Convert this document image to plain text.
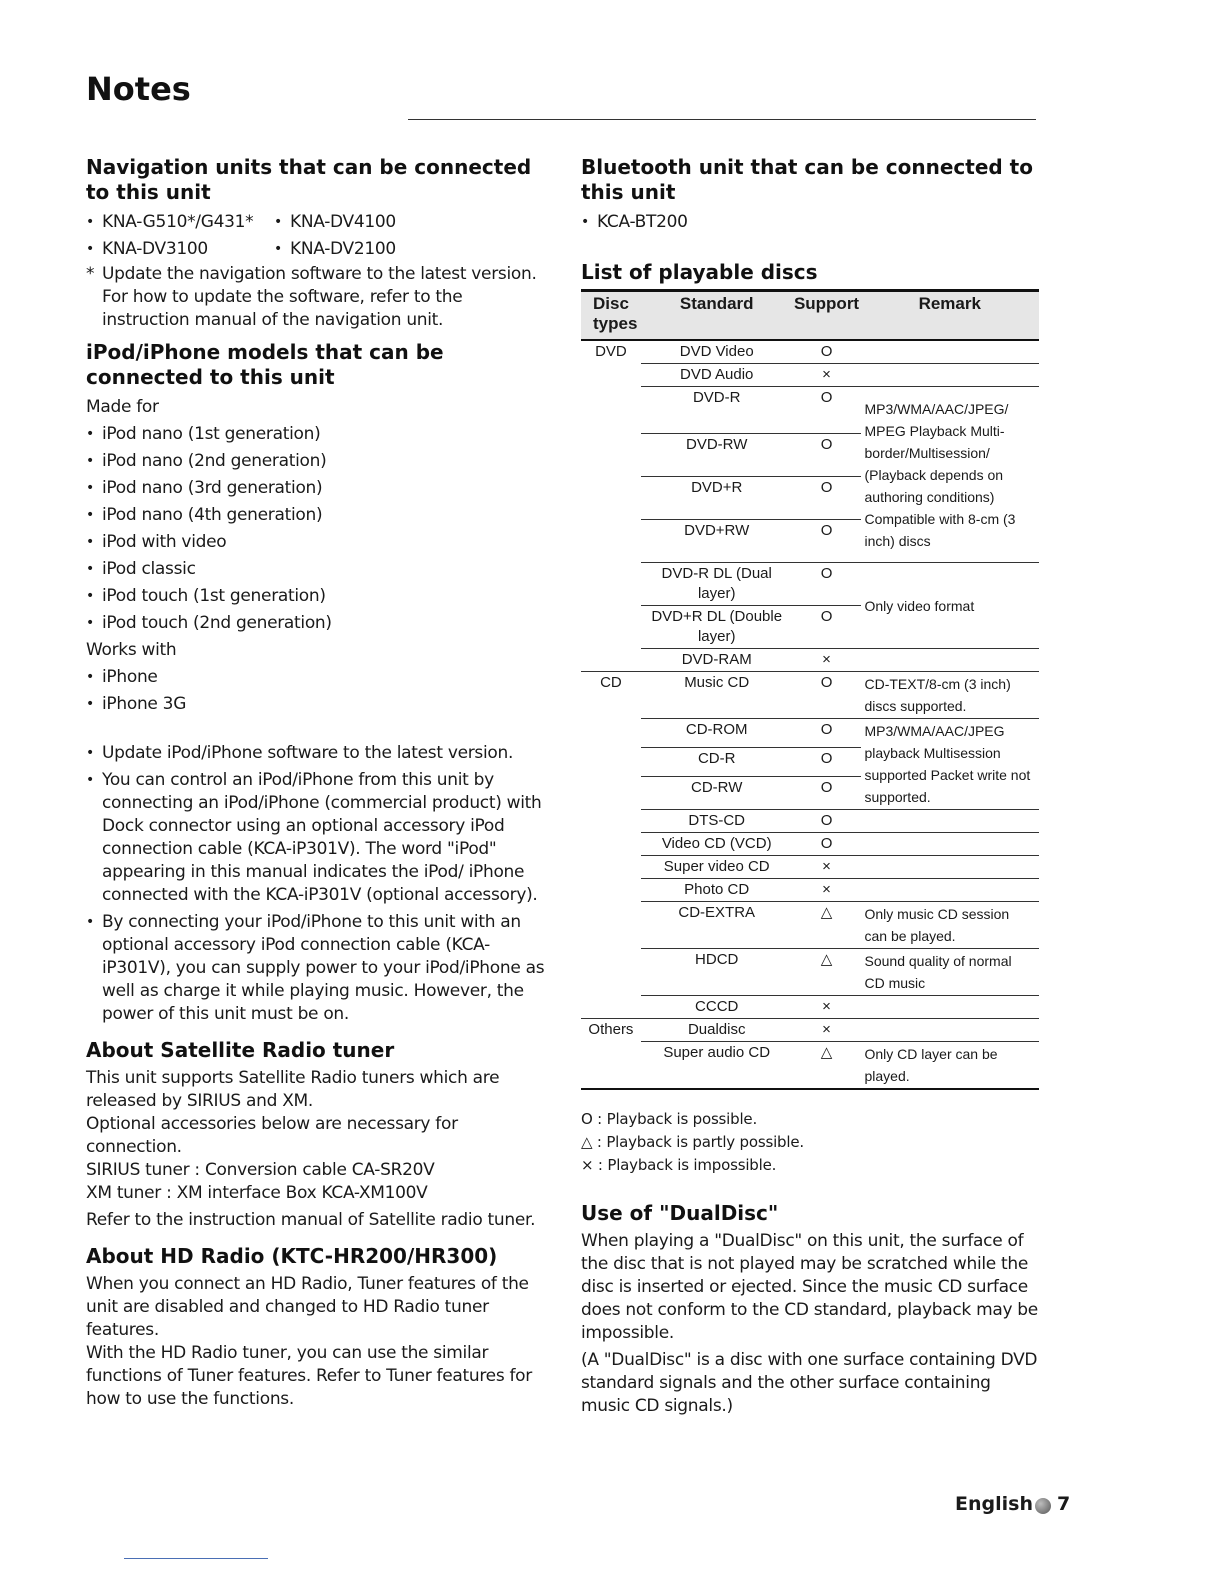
Notes
Navigation units that can be connected to this unit
• KNA-G510*/G431*	• KNA-DV4100
• KNA-DV3100	• KNA-DV2100
* Update the navigation software to the latest version. For how to update the software, refer to the instruction manual of the navigation unit.
iPod/iPhone models that can be connected to this unit

Made for

• iPod nano (1st generation)
• iPod nano (2nd generation)
• iPod nano (3rd generation)
• iPod nano (4th generation)
• iPod with video
• iPod classic
• iPod touch (1st generation)
• iPod touch (2nd generation)

Works with

• iPhone
• iPhone 3G
• Update iPod/iPhone software to the latest version.
• You can control an iPod/iPhone from this unit by connecting an iPod/iPhone (commercial product) with Dock connector using an optional accessory iPod connection cable (KCA-iP301V). The word "iPod" appearing in this manual indicates the iPod/ iPhone connected with the KCA-iP301V (optional accessory).
• By connecting your iPod/iPhone to this unit with an optional accessory iPod connection cable (KCA-iP301V), you can supply power to your iPod/iPhone as well as charge it while playing music. However, the power of this unit must be on.
About Satellite Radio tuner

This unit supports Satellite Radio tuners which are released by SIRIUS and XM.

Optional accessories below are necessary for connection.

SIRIUS tuner : Conversion cable CA-SR20V

XM tuner : XM interface Box KCA-XM100V

Refer to the instruction manual of Satellite radio tuner.

About HD Radio (KTC-HR200/HR300)

When you connect an HD Radio, Tuner features of the unit are disabled and changed to HD Radio tuner features.

With the HD Radio tuner, you can use the similar functions of Tuner features. Refer to Tuner features for how to use the functions.

Bluetooth unit that can be connected to this unit
• KCA-BT200
List of playable discs
Disc types	Standard	Support	Remark
DVD	DVD Video	O	
	DVD Audio	×	
	DVD-R	O	MP3/WMA/AAC/JPEG/ MPEG Playback Multi-border/Multisession/ (Playback depends on authoring conditions) Compatible with 8-cm (3 inch) discs
	DVD-RW	O	
	DVD+R	O	
	DVD+RW	O	
	DVD-R DL (Dual layer)	O	Only video format
	DVD+R DL (Double layer)	O	
	DVD-RAM	×	
CD	Music CD	O	CD-TEXT/8-cm (3 inch) discs supported.
	CD-ROM	O	MP3/WMA/AAC/JPEG playback Multisession supported Packet write not supported.
	CD-R	O	
	CD-RW	O	
	DTS-CD	O	
	Video CD (VCD)	O	
	Super video CD	×	
	Photo CD	×	
	CD-EXTRA	△	Only music CD session can be played.
	HDCD	△	Sound quality of normal CD music
	CCCD	×	
Others	Dualdisc	×	
	Super audio CD	△	Only CD layer can be played.
O : Playback is possible.
△ : Playback is partly possible.
× : Playback is impossible.
Use of "DualDisc"

When playing a "DualDisc" on this unit, the surface of the disc that is not played may be scratched while the disc is inserted or ejected. Since the music CD surface does not conform to the CD standard, playback may be impossible.

(A "DualDisc" is a disc with one surface containing DVD standard signals and the other surface containing music CD signals.)

English 7
